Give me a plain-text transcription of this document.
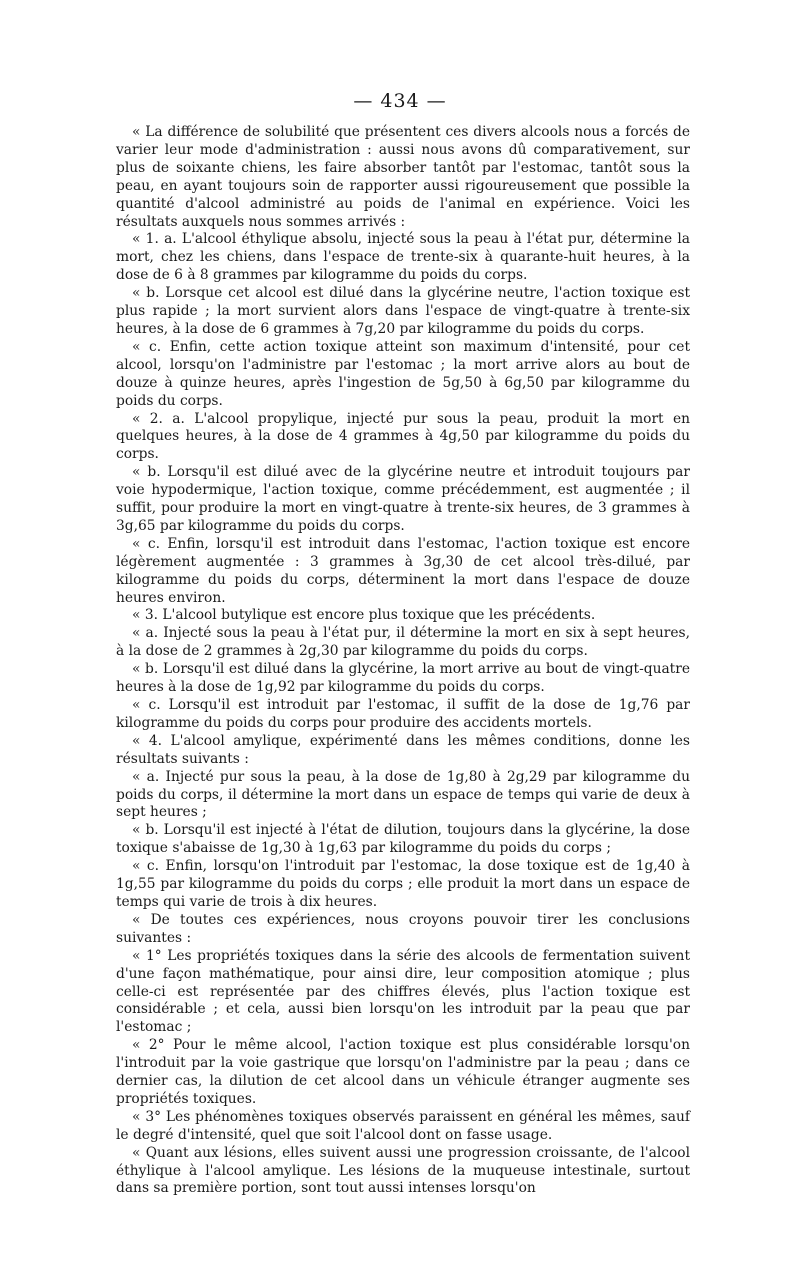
— 434 —

« La différence de solubilité que présentent ces divers alcools nous a forcés de varier leur mode d'administration : aussi nous avons dû comparativement, sur plus de soixante chiens, les faire absorber tantôt par l'estomac, tantôt sous la peau, en ayant toujours soin de rapporter aussi rigoureusement que possible la quantité d'alcool administré au poids de l'animal en expérience. Voici les résultats auxquels nous sommes arrivés :

« 1. a. L'alcool éthylique absolu, injecté sous la peau à l'état pur, détermine la mort, chez les chiens, dans l'espace de trente-six à quarante-huit heures, à la dose de 6 à 8 grammes par kilogramme du poids du corps.

« b. Lorsque cet alcool est dilué dans la glycérine neutre, l'action toxique est plus rapide ; la mort survient alors dans l'espace de vingt-quatre à trente-six heures, à la dose de 6 grammes à 7g,20 par kilogramme du poids du corps.

« c. Enfin, cette action toxique atteint son maximum d'intensité, pour cet alcool, lorsqu'on l'administre par l'estomac ; la mort arrive alors au bout de douze à quinze heures, après l'ingestion de 5g,50 à 6g,50 par kilogramme du poids du corps.

« 2. a. L'alcool propylique, injecté pur sous la peau, produit la mort en quelques heures, à la dose de 4 grammes à 4g,50 par kilogramme du poids du corps.

« b. Lorsqu'il est dilué avec de la glycérine neutre et introduit toujours par voie hypodermique, l'action toxique, comme précédemment, est augmentée ; il suffit, pour produire la mort en vingt-quatre à trente-six heures, de 3 grammes à 3g,65 par kilogramme du poids du corps.

« c. Enfin, lorsqu'il est introduit dans l'estomac, l'action toxique est encore légèrement augmentée : 3 grammes à 3g,30 de cet alcool très-dilué, par kilogramme du poids du corps, déterminent la mort dans l'espace de douze heures environ.

« 3. L'alcool butylique est encore plus toxique que les précédents.

« a. Injecté sous la peau à l'état pur, il détermine la mort en six à sept heures, à la dose de 2 grammes à 2g,30 par kilogramme du poids du corps.

« b. Lorsqu'il est dilué dans la glycérine, la mort arrive au bout de vingt-quatre heures à la dose de 1g,92 par kilogramme du poids du corps.

« c. Lorsqu'il est introduit par l'estomac, il suffit de la dose de 1g,76 par kilogramme du poids du corps pour produire des accidents mortels.

« 4. L'alcool amylique, expérimenté dans les mêmes conditions, donne les résultats suivants :

« a. Injecté pur sous la peau, à la dose de 1g,80 à 2g,29 par kilogramme du poids du corps, il détermine la mort dans un espace de temps qui varie de deux à sept heures ;

« b. Lorsqu'il est injecté à l'état de dilution, toujours dans la glycérine, la dose toxique s'abaisse de 1g,30 à 1g,63 par kilogramme du poids du corps ;

« c. Enfin, lorsqu'on l'introduit par l'estomac, la dose toxique est de 1g,40 à 1g,55 par kilogramme du poids du corps ; elle produit la mort dans un espace de temps qui varie de trois à dix heures.

« De toutes ces expériences, nous croyons pouvoir tirer les conclusions suivantes :

« 1° Les propriétés toxiques dans la série des alcools de fermentation suivent d'une façon mathématique, pour ainsi dire, leur composition atomique ; plus celle-ci est représentée par des chiffres élevés, plus l'action toxique est considérable ; et cela, aussi bien lorsqu'on les introduit par la peau que par l'estomac ;

« 2° Pour le même alcool, l'action toxique est plus considérable lorsqu'on l'introduit par la voie gastrique que lorsqu'on l'administre par la peau ; dans ce dernier cas, la dilution de cet alcool dans un véhicule étranger augmente ses propriétés toxiques.

« 3° Les phénomènes toxiques observés paraissent en général les mêmes, sauf le degré d'intensité, quel que soit l'alcool dont on fasse usage.

« Quant aux lésions, elles suivent aussi une progression croissante, de l'alcool éthylique à l'alcool amylique. Les lésions de la muqueuse intestinale, surtout dans sa première portion, sont tout aussi intenses lorsqu'on
